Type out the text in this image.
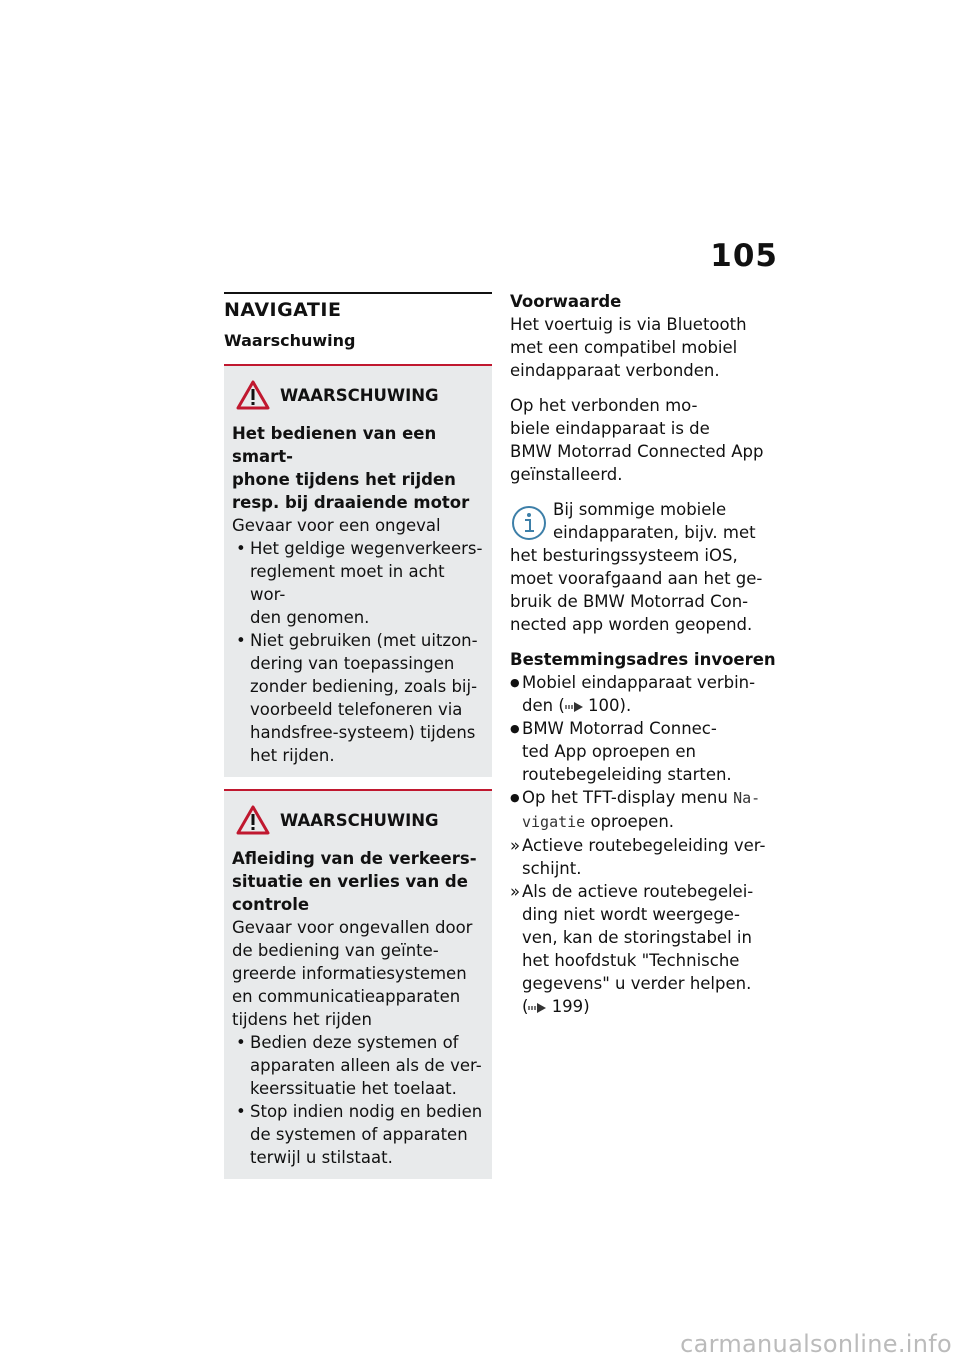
105
NAVIGATIE
Waarschuwing
WAARSCHUWING
Het bedienen van een smart-
phone tijdens het rijden
resp. bij draaiende motor
Gevaar voor een ongeval
• Het geldige wegenverkeers-
reglement moet in acht wor-
den genomen.
• Niet gebruiken (met uitzon-
dering van toepassingen
zonder bediening, zoals bij-
voorbeeld telefoneren via
handsfree-systeem) tijdens
het rijden.
WAARSCHUWING
Afleiding van de verkeers-
situatie en verlies van de
controle
Gevaar voor ongevallen door
de bediening van geïnte-
greerde informatiesystemen
en communicatieapparaten
tijdens het rijden
• Bedien deze systemen of
apparaten alleen als de ver-
keerssituatie het toelaat.
• Stop indien nodig en bedien
de systemen of apparaten
terwijl u stilstaat.
Voorwaarde

Het voertuig is via Bluetooth
met een compatibel mobiel
eindapparaat verbonden.

Op het verbonden mo-
biele eindapparaat is de
BMW Motorrad Connected App
geïnstalleerd.

Bij sommige mobiele
eindapparaten, bijv. met
het besturingssysteem iOS,
moet voorafgaand aan het ge-
bruik de BMW Motorrad Con-
nected app worden geopend.
Bestemmingsadres invoeren
● Mobiel eindapparaat verbin-
den ( 100).
● BMW Motorrad Connec-
ted App oproepen en
routebegeleiding starten.
● Op het TFT-display menu Na-
vigatie oproepen.
» Actieve routebegeleiding ver-
schijnt.
» Als de actieve routebegelei-
ding niet wordt weergege-
ven, kan de storingstabel in
het hoofdstuk "Technische
gegevens" u verder helpen.
( 199)
carmanualsonline.info
